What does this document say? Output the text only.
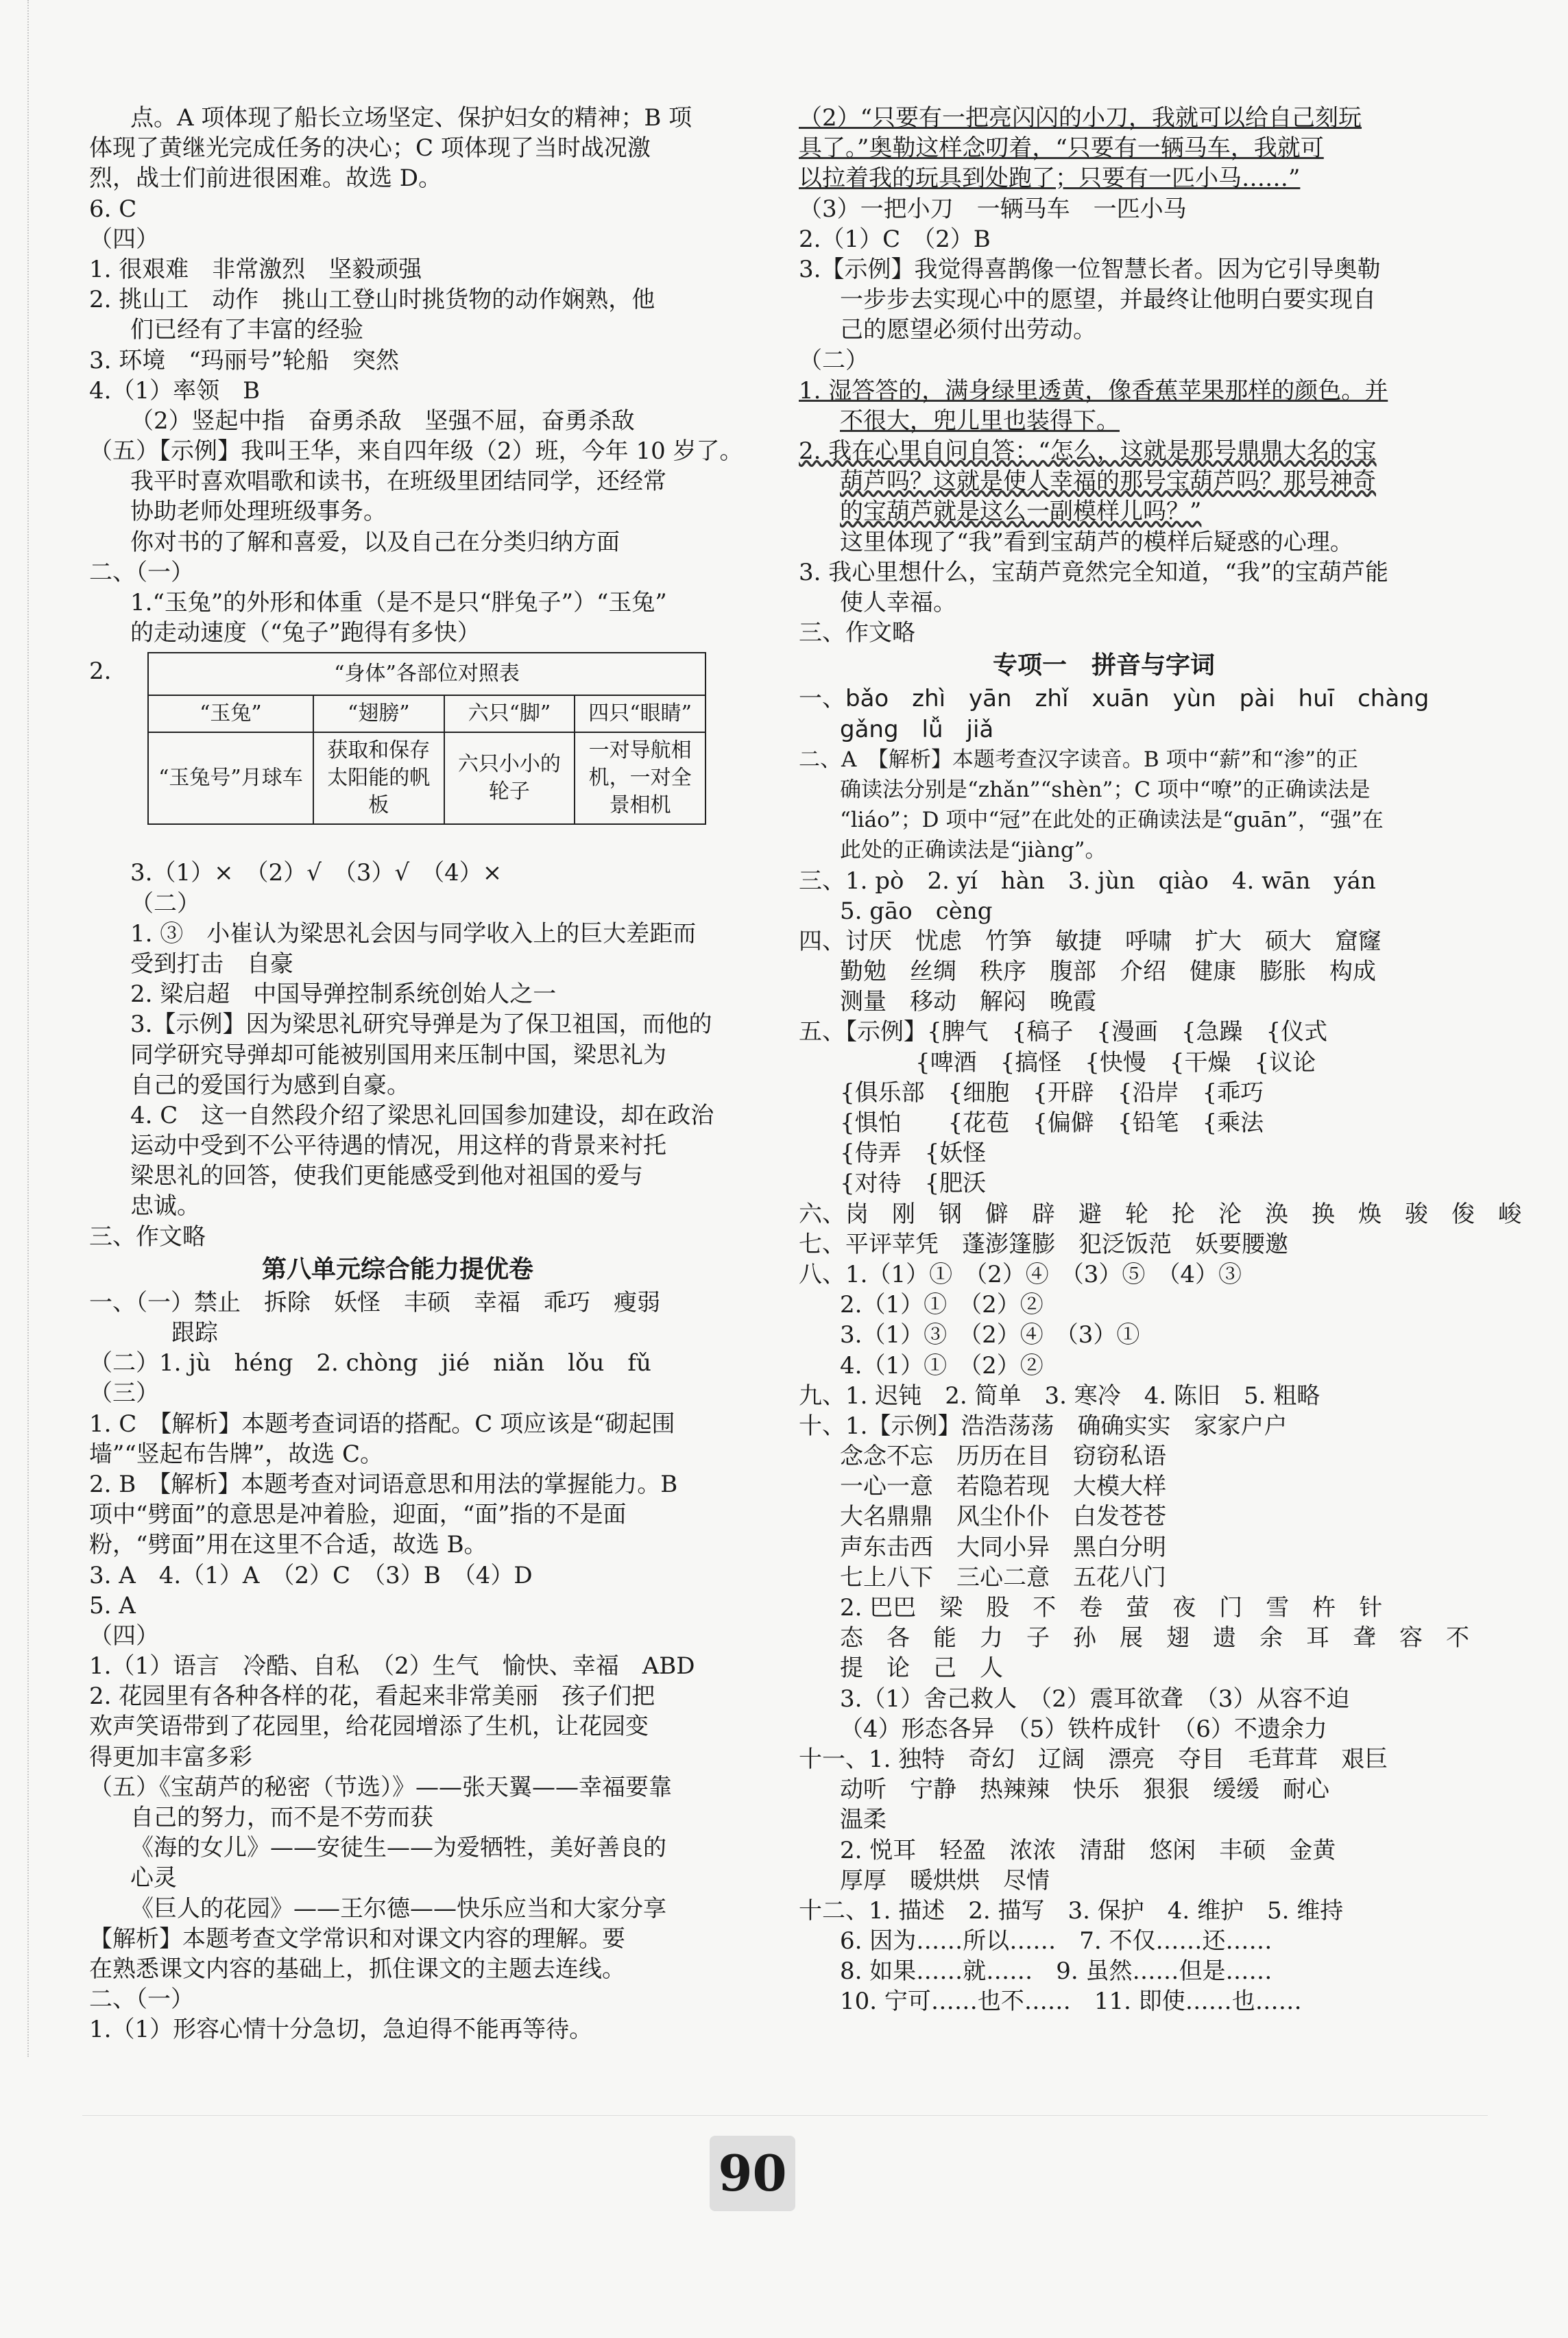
点。A 项体现了船长立场坚定、保护妇女的精神；B 项
体现了黄继光完成任务的决心；C 项体现了当时战况激
烈，战士们前进很困难。故选 D。
6. C
（四）
1. 很艰难　非常激烈　坚毅顽强
2. 挑山工　动作　挑山工登山时挑货物的动作娴熟，他
们已经有了丰富的经验
3. 环境　“玛丽号”轮船　突然
4.（1）率领　B
（2）竖起中指　奋勇杀敌　坚强不屈，奋勇杀敌
（五）【示例】我叫王华，来自四年级（2）班，今年 10 岁了。
我平时喜欢唱歌和读书，在班级里团结同学，还经常
协助老师处理班级事务。
你对书的了解和喜爱，以及自己在分类归纳方面
二、（一）
1.“玉兔”的外形和体重（是不是只“胖兔子”）“玉兔”
的走动速度（“兔子”跑得有多快）
2.	“身体”各部位对照表			
“玉兔”	“翅膀”	六只“脚”	四只“眼睛”
“玉兔号”月球车	获取和保存太阳能的帆板	六只小小的轮子	一对导航相机，一对全景相机
3.（1）×　（2）√　（3）√　（4）×
（二）
1. ③　小崔认为梁思礼会因与同学收入上的巨大差距而
受到打击　自豪
2. 梁启超　中国导弹控制系统创始人之一
3.【示例】因为梁思礼研究导弹是为了保卫祖国，而他的
同学研究导弹却可能被别国用来压制中国，梁思礼为
自己的爱国行为感到自豪。
4. C　这一自然段介绍了梁思礼回国参加建设，却在政治
运动中受到不公平待遇的情况，用这样的背景来衬托
梁思礼的回答，使我们更能感受到他对祖国的爱与
忠诚。
三、作文略
第八单元综合能力提优卷
一、（一）禁止　拆除　妖怪　丰硕　幸福　乖巧　瘦弱
跟踪
（二）1. jù　héng　2. chòng　jié　niǎn　lǒu　fǔ
（三）
1. C　【解析】本题考查词语的搭配。C 项应该是“砌起围
墙”“竖起布告牌”，故选 C。
2. B　【解析】本题考查对词语意思和用法的掌握能力。B
项中“劈面”的意思是冲着脸，迎面，“面”指的不是面
粉，“劈面”用在这里不合适，故选 B。
3. A　4.（1）A　（2）C　（3）B　（4）D
5. A
（四）
1.（1）语言　冷酷、自私　（2）生气　愉快、幸福　ABD
2. 花园里有各种各样的花，看起来非常美丽　孩子们把
欢声笑语带到了花园里，给花园增添了生机，让花园变
得更加丰富多彩
（五）《宝葫芦的秘密（节选）》——张天翼——幸福要靠
自己的努力，而不是不劳而获
《海的女儿》——安徒生——为爱牺牲，美好善良的
心灵
《巨人的花园》——王尔德——快乐应当和大家分享
【解析】本题考查文学常识和对课文内容的理解。要
在熟悉课文内容的基础上，抓住课文的主题去连线。
二、（一）
1.（1）形容心情十分急切，急迫得不能再等待。
（2）“只要有一把亮闪闪的小刀，我就可以给自己刻玩
具了。”奥勒这样念叨着，“只要有一辆马车，我就可
以拉着我的玩具到处跑了；只要有一匹小马……”
（3）一把小刀　一辆马车　一匹小马
2.（1）C　（2）B
3.【示例】我觉得喜鹊像一位智慧长者。因为它引导奥勒
一步步去实现心中的愿望，并最终让他明白要实现自
己的愿望必须付出劳动。
（二）
1. 湿答答的，满身绿里透黄，像香蕉苹果那样的颜色。并
不很大，兜儿里也装得下。
2. 我在心里自问自答：“怎么，这就是那号鼎鼎大名的宝
葫芦吗？这就是使人幸福的那号宝葫芦吗？那号神奇
的宝葫芦就是这么一副模样儿吗？”
这里体现了“我”看到宝葫芦的模样后疑惑的心理。
3. 我心里想什么，宝葫芦竟然完全知道，“我”的宝葫芦能
使人幸福。
三、作文略
专项一　拼音与字词
一、bǎo　zhì　yān　zhǐ　xuān　yùn　pài　huī　chàng
gǎng　lǚ　jiǎ
二、A　【解析】本题考查汉字读音。B 项中“薪”和“渗”的正
确读法分别是“zhǎn”“shèn”；C 项中“嘹”的正确读法是
“liáo”；D 项中“冠”在此处的正确读法是“guān”，“强”在
此处的正确读法是“jiàng”。
三、1. pò　2. yí　hàn　3. jùn　qiào　4. wān　yán
5. gāo　cèng
四、讨厌　忧虑　竹笋　敏捷　呼啸　扩大　硕大　窟窿
勤勉　丝绸　秩序　腹部　介绍　健康　膨胀　构成
测量　移动　解闷　晚霞
五、【示例】{脾气　{稿子　{漫画　{急躁　{仪式
　　　　　{啤酒　{搞怪　{快慢　{干燥　{议论
{俱乐部　{细胞　{开辟　{沿岸　{乖巧
{惧怕　　{花苞　{偏僻　{铅笔　{乘法
{侍弄　{妖怪
{对待　{肥沃
六、岗　刚　钢　僻　辟　避　轮　抡　沦　涣　换　焕　骏　俊　峻
七、平评苹凭　蓬澎篷膨　犯泛饭范　妖要腰邀
八、1.（1）①　（2）④　（3）⑤　（4）③
2.（1）①　（2）②
3.（1）③　（2）④　（3）①
4.（1）①　（2）②
九、1. 迟钝　2. 简单　3. 寒冷　4. 陈旧　5. 粗略
十、1.【示例】浩浩荡荡　确确实实　家家户户
念念不忘　历历在目　窃窃私语
一心一意　若隐若现　大模大样
大名鼎鼎　风尘仆仆　白发苍苍
声东击西　大同小异　黑白分明
七上八下　三心二意　五花八门
2. 巴巴　梁　股　不　卷　萤　夜　门　雪　杵　针
态　各　能　力　子　孙　展　翅　遗　余　耳　聋　容　不
提　论　己　人
3.（1）舍己救人　（2）震耳欲聋　（3）从容不迫
（4）形态各异　（5）铁杵成针　（6）不遗余力
十一、1. 独特　奇幻　辽阔　漂亮　夺目　毛茸茸　艰巨
动听　宁静　热辣辣　快乐　狠狠　缓缓　耐心
温柔
2. 悦耳　轻盈　浓浓　清甜　悠闲　丰硕　金黄
厚厚　暖烘烘　尽情
十二、1. 描述　2. 描写　3. 保护　4. 维护　5. 维持
6. 因为……所以……　7. 不仅……还……
8. 如果……就……　9. 虽然……但是……
10. 宁可……也不……　11. 即使……也……
90
